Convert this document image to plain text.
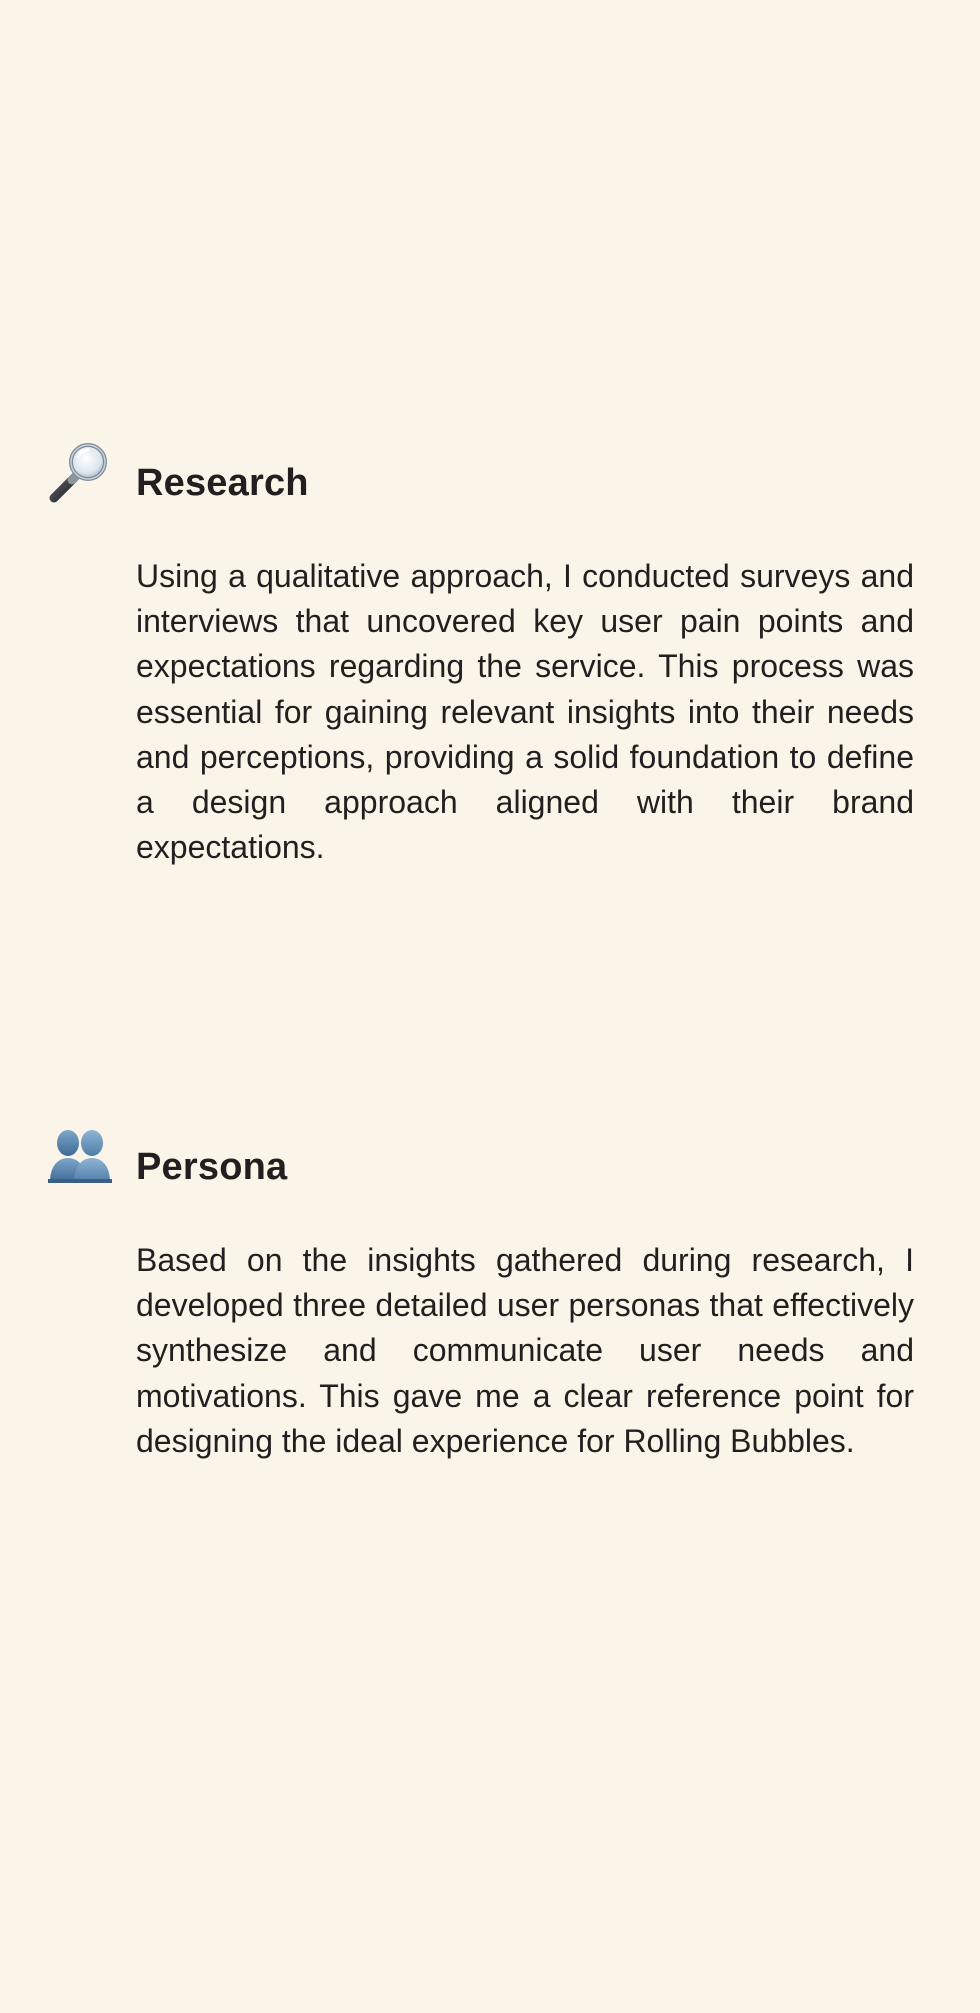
Research

Using a qualitative approach, I conducted surveys and interviews that uncovered key user pain points and expectations regarding the service. This process was essential for gaining relevant insights into their needs and perceptions, providing a solid foundation to define a design approach aligned with their brand expectations.

Persona

Based on the insights gathered during research, I developed three detailed user personas that effectively synthesize and communicate user needs and motivations. This gave me a clear reference point for designing the ideal experience for Rolling Bubbles.
